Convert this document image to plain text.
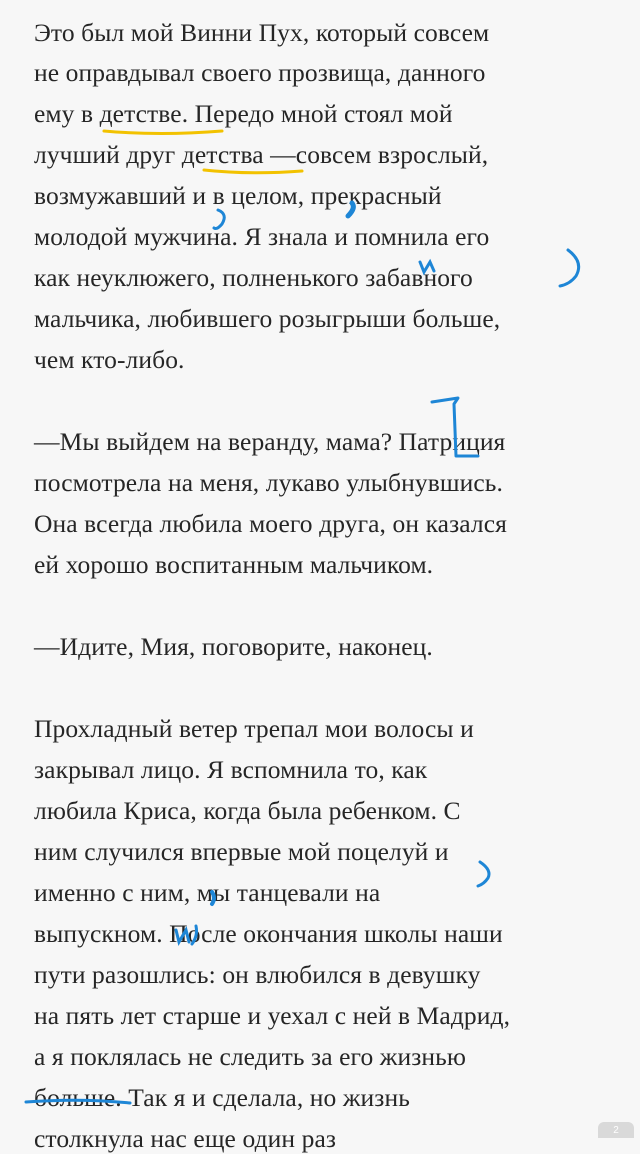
Это был мой Винни Пух, который совсем
не оправдывал своего прозвища, данного
ему в детстве. Передо мной стоял мой
лучший друг детства —совсем взрослый,
возмужавший и в целом, прекрасный
молодой мужчина. Я знала и помнила его
как неуклюжего, полненького забавного
мальчика, любившего розыгрыши больше,
чем кто-либо.
—Мы выйдем на веранду, мама? Патриция
посмотрела на меня, лукаво улыбнувшись.
Она всегда любила моего друга, он казался
ей хорошо воспитанным мальчиком.
—Идите, Мия, поговорите, наконец.
Прохладный ветер трепал мои волосы и
закрывал лицо. Я вспомнила то, как
любила Криса, когда была ребенком. С
ним случился впервые мой поцелуй и
именно с ним, мы танцевали на
выпускном. После окончания школы наши
пути разошлись: он влюбился в девушку
на пять лет старше и уехал с ней в Мадрид,
а я поклялась не следить за его жизнью
больше. Так я и сделала, но жизнь
столкнула нас еще один раз	2
